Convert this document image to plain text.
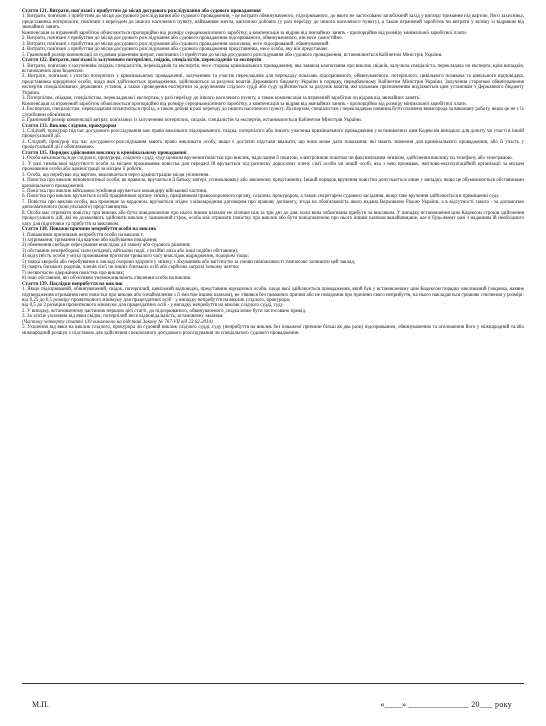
Стаття 121. Витрати, пов'язані з прибуттям до місця досудового розслідування або судового провадження

1. Витрати, пов'язані з прибуттям до місця досудового розслідування або судового провадження, - це витрати обвинуваченого, підозрюваного, до якого не застосовано запобіжний захід у вигляді тримання під вартою, його захисника, представника потерпілого, пов'язані з переїздом до іншого населеного пункту, найманням житла, виплатою добових (у разі переїзду до іншого населеного пункту), а також втрачений заробіток чи витрати у зв'язку із відривом від звичайних занять.

Компенсація за втрачений заробіток обчислюється пропорційно від розміру середньомісячного заробітку, а компенсація за відрив від звичайних занять - пропорційно від розміру мінімальної заробітної плати.

2. Витрати, пов'язані з прибуттям до місця досудового розслідування або судового провадження підозрюваного, обвинуваченого, він несе самостійно.

3. Витрати, пов'язані з прибуттям до місця досудового розслідування або судового провадження захисника, несе підозрюваний, обвинувачений.

4. Витрати, пов'язані з прибуттям до місця досудового розслідування або судового провадження представника, несе особа, яку він представляє.

5. Граничний розмір компенсації за судовим рішенням витрат, пов'язаних із прибуттям до місця досудового розслідування або судового провадження, встановлюється Кабінетом Міністрів України.

Стаття 122. Витрати, пов'язані із залученням потерпілих, свідків, спеціалістів, перекладачів та експертів

1. Витрати, пов'язані з залученням свідків, спеціалістів, перекладачів та експертів, несе сторона кримінального провадження, яка заявила клопотання про виклик свідків, залучила спеціаліста, перекладача чи експерта, крім випадків, встановлених цим Кодексом.

2. Витрати, пов'язані з участю потерпілих у кримінальному провадженні, залученням та участю перекладачів для перекладу показань підозрюваного, обвинуваченого, потерпілого, цивільного позивача та цивільного відповідача, представника юридичної особи, щодо якої здійснюється провадження, здійснюються за рахунок коштів Державного бюджету України в порядку, передбаченому Кабінетом Міністрів України. Залучення стороною обвинувачення експертів спеціалізованих державних установ, а також проведення експертизи за дорученням слідчого судді або суду здійснюється за рахунок коштів, які цільовим призначенням виділяються цим установам з Державного бюджету України.

3. Потерпілим, свідкам, спеціалістам, перекладачам і експертам, у разі переїзду до іншого населеного пункту, а також компенсація за втрачений заробіток чи відрив від звичайних занять.

Компенсація за втрачений заробіток обчислюється пропорційно від розміру середньомісячного заробітку, а компенсація за відрив від звичайних занять - пропорційно від розміру мінімальної заробітної плати.

4. Експертам, спеціалістам, перекладачам оплачуються проїзд, а також добові в разі переїзду до іншого населеного пункту. Експертам, спеціалістам і перекладачам повинна бути сплачена винагорода за виконану роботу, якщо це не є їх службовим обов'язком.

5. Граничний розмір компенсації витрат, пов'язаних із залученням потерпілих, свідків, спеціалістів та експертів, встановлюється Кабінетом Міністрів України.

Стаття 133. Виклик слідчим, прокурором

1. Слідчий, прокурор під час досудового розслідування має право викликати підозрюваного, свідка, потерпілого або іншого учасника кримінального провадження у встановлених цим Кодексом випадках для допиту чи участі в іншій процесуальній дії.

2. Слідчий, прокурор під час досудового розслідування мають право викликати особу, якщо є достатні підстави вважати, що вона може дати показання, які мають значення для кримінального провадження, або її участь у процесуальній дії є обов'язковою.

Стаття 135. Порядок здійснення виклику в кримінальному провадженні

1. Особа викликається до слідчого, прокурора, слідчого судді, суду шляхом вручення повістки про виклик, надіслання її поштою, електронною поштою чи факсимільним зв'язком, здійснення виклику по телефону або телеграмою.

2. У разі тимчасової відсутності особи за місцем проживання повістка для передачі їй вручається під розписку дорослому члену сім'ї особи чи іншій особі, яка з нею проживає, житлово-експлуатаційній організації за місцем проживання особи або адміністрації за місцем її роботи.

3. Особа, що перебуває під вартою, викликається через адміністрацію місця ув'язнення.

4. Повістка про виклик неповнолітньої особи, як правило, вручається її батьку, матері, усиновлювачу або законному представнику. Інший порядок вручення повістки допускається лише у випадку, якщо це обумовлюється обставинами кримінального провадження.

5. Повістка про виклик військовослужбовця вручається командиру військової частини.

6. Повістка про виклик вручається особі працівником органу зв'язку, працівником правоохоронного органу, слідчим, прокурором, а також секретарем судового засідання, якщо таке вручення здійснюється в приміщенні суду.

7. Повістка про виклик особи, яка проживає за кордоном, вручається згідно з міжнародним договором про правову допомогу, згода на обов'язковість якого надана Верховною Радою України, а в відсутності такого - за допомогою дипломатичного (консульського) представництва.

8. Особа має отримати повістку про виклик або бути повідомленою про нього іншим шляхом не пізніше ніж за три дні до дня, коли вона зобов'язана прибути за викликом. У випадку встановлення цим Кодексом строків здійснення процесуальних дій, які не дозволяють здійснити виклик у зазначений строк, особа має отримати повістку про виклик або бути повідомленою про нього іншим шляхом якнайшвидше, але в будь-якому разі з наданням їй необхідного часу для підготовки та прибуття за викликом.

Стаття 138. Поважні причини неприбуття особи на виклик

1. Поважними причинами неприбуття особи на виклик є:

1) затримання, тримання під вартою або відбування покарання;

2) обмеження свободи пересування внаслідок дії закону або судового рішення;

3) обставини непереборної сили (епідемії, військові події, стихійні лиха або інші подібні обставини);

4) відсутність особи у місці проживання протягом тривалого часу внаслідок відрядження, подорожі тощо;

5) тяжка хвороба або перебування в закладі охорони здоров'я у зв'язку з лікуванням або вагітністю за умови неможливості тимчасово залишити цей заклад;

6) смерть близьких родичів, членів сім'ї чи інших близьких осіб або серйозна загроза їхньому життю;

7) несвоєчасне одержання повістки про виклик;

8) інші обставини, які об'єктивно унеможливлюють з'явлення особи на виклик.

Стаття 139. Наслідки неприбуття на виклик

1. Якщо підозрюваний, обвинувачений, свідок, потерпілий, цивільний відповідач, представник юридичної особи, щодо якої здійснюється провадження, який був у встановленому цим Кодексом порядку викликаний (зокрема, наявне підтвердження отримання ним повістки про виклик або ознайомлення з її змістом іншим шляхом), не з'явився без поважних причин або не повідомив про причини свого неприбуття, на нього накладається грошове стягнення у розмірі:

від 0,25 до 0,5 розміру прожиткового мінімуму для працездатних осіб - у випадку неприбуття на виклик слідчого, прокурора;

від 0,5 до 2 розмірів прожиткового мінімуму для працездатних осіб - у випадку неприбуття на виклик слідчого судді, суду.

2. У випадку, встановленому частиною першою цієї статті, до підозрюваного, обвинуваченого, свідка може бути застосовано привід.

3. За злісне ухилення від явки свідок, потерпілий несе відповідальність, встановлену законом.

(Частину четверту статті 139 виключено на підставі Закону № 767-VII від 23.02.2014)

5. Ухилення від явки на виклик слідчого, прокурора чи судовий виклик слідчого судді, суду (неприбуття на виклик без поважної причини більш як два рази) підозрюваним, обвинуваченим та оголошення його у міжнародний та/або міжнародний розшук є підставою для здійснення спеціального досудового розслідування чи спеціального судового провадження.

М.П.	«____» ______________ 20___ року
